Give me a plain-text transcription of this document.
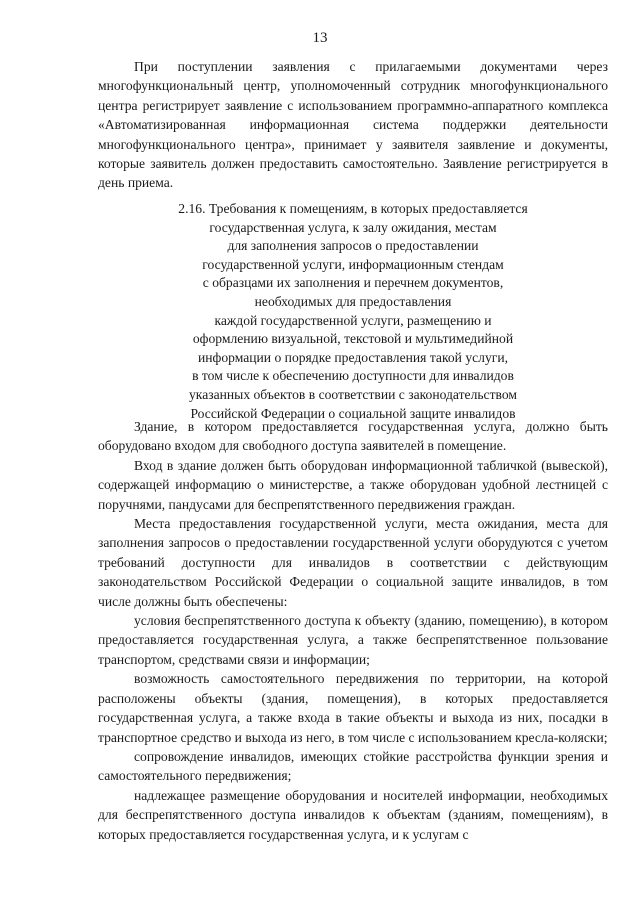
13

При поступлении заявления с прилагаемыми документами через многофункциональный центр, уполномоченный сотрудник многофункционального центра регистрирует заявление с использованием программно-аппаратного комплекса «Автоматизированная информационная система поддержки деятельности многофункционального центра», принимает у заявителя заявление и документы, которые заявитель должен предоставить самостоятельно. Заявление регистрируется в день приема.

2.16. Требования к помещениям, в которых предоставляется
государственная услуга, к залу ожидания, местам
для заполнения запросов о предоставлении
государственной услуги, информационным стендам
с образцами их заполнения и перечнем документов,
необходимых для предоставления
каждой государственной услуги, размещению и
оформлению визуальной, текстовой и мультимедийной
информации о порядке предоставления такой услуги,
в том числе к обеспечению доступности для инвалидов
указанных объектов в соответствии с законодательством
Российской Федерации о социальной защите инвалидов

Здание, в котором предоставляется государственная услуга, должно быть оборудовано входом для свободного доступа заявителей в помещение.

Вход в здание должен быть оборудован информационной табличкой (вывеской), содержащей информацию о министерстве, а также оборудован удобной лестницей с поручнями, пандусами для беспрепятственного передвижения граждан.

Места предоставления государственной услуги, места ожидания, места для заполнения запросов о предоставлении государственной услуги оборудуются с учетом требований доступности для инвалидов в соответствии с действующим законодательством Российской Федерации о социальной защите инвалидов, в том числе должны быть обеспечены:

условия беспрепятственного доступа к объекту (зданию, помещению), в котором предоставляется государственная услуга, а также беспрепятственное пользование транспортом, средствами связи и информации;

возможность самостоятельного передвижения по территории, на которой расположены объекты (здания, помещения), в которых предоставляется государственная услуга, а также входа в такие объекты и выхода из них, посадки в транспортное средство и выхода из него, в том числе с использованием кресла-коляски;

сопровождение инвалидов, имеющих стойкие расстройства функции зрения и самостоятельного передвижения;

надлежащее размещение оборудования и носителей информации, необходимых для беспрепятственного доступа инвалидов к объектам (зданиям, помещениям), в которых предоставляется государственная услуга, и к услугам с
